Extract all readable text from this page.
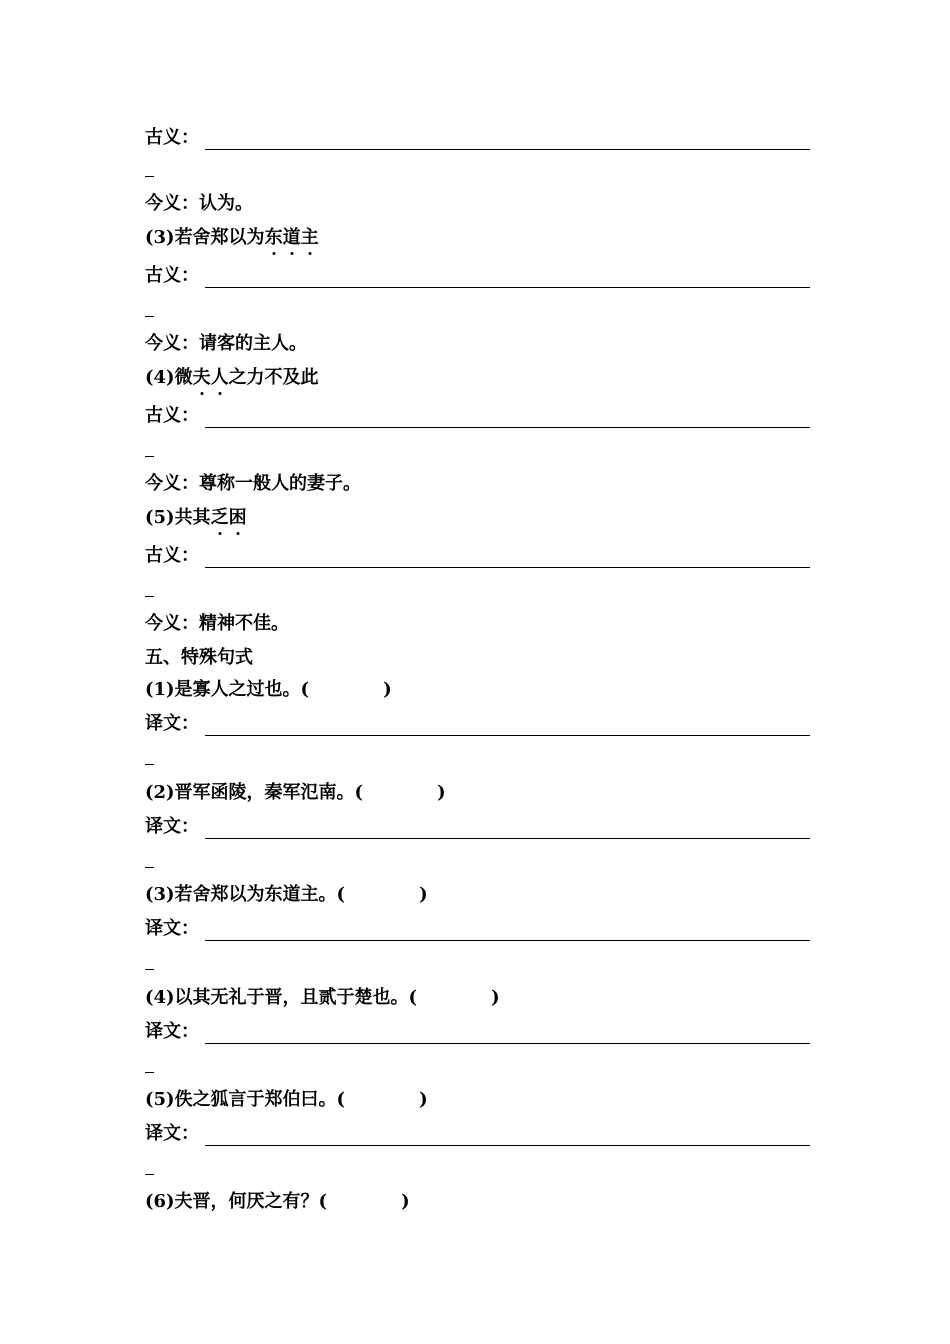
古义：
今义：认为。
(3)若舍郑以为东道主
古义：
今义：请客的主人。
(4)微夫人之力不及此
古义：
今义：尊称一般人的妻子。
(5)共其乏困
古义：
今义：精神不佳。
五、特殊句式
(1)是寡人之过也。(	)
译文：
(2)晋军函陵，秦军氾南。(	)
译文：
(3)若舍郑以为东道主。(	)
译文：
(4)以其无礼于晋，且贰于楚也。(	)
译文：
(5)佚之狐言于郑伯曰。(	)
译文：
(6)夫晋，何厌之有？(	)
